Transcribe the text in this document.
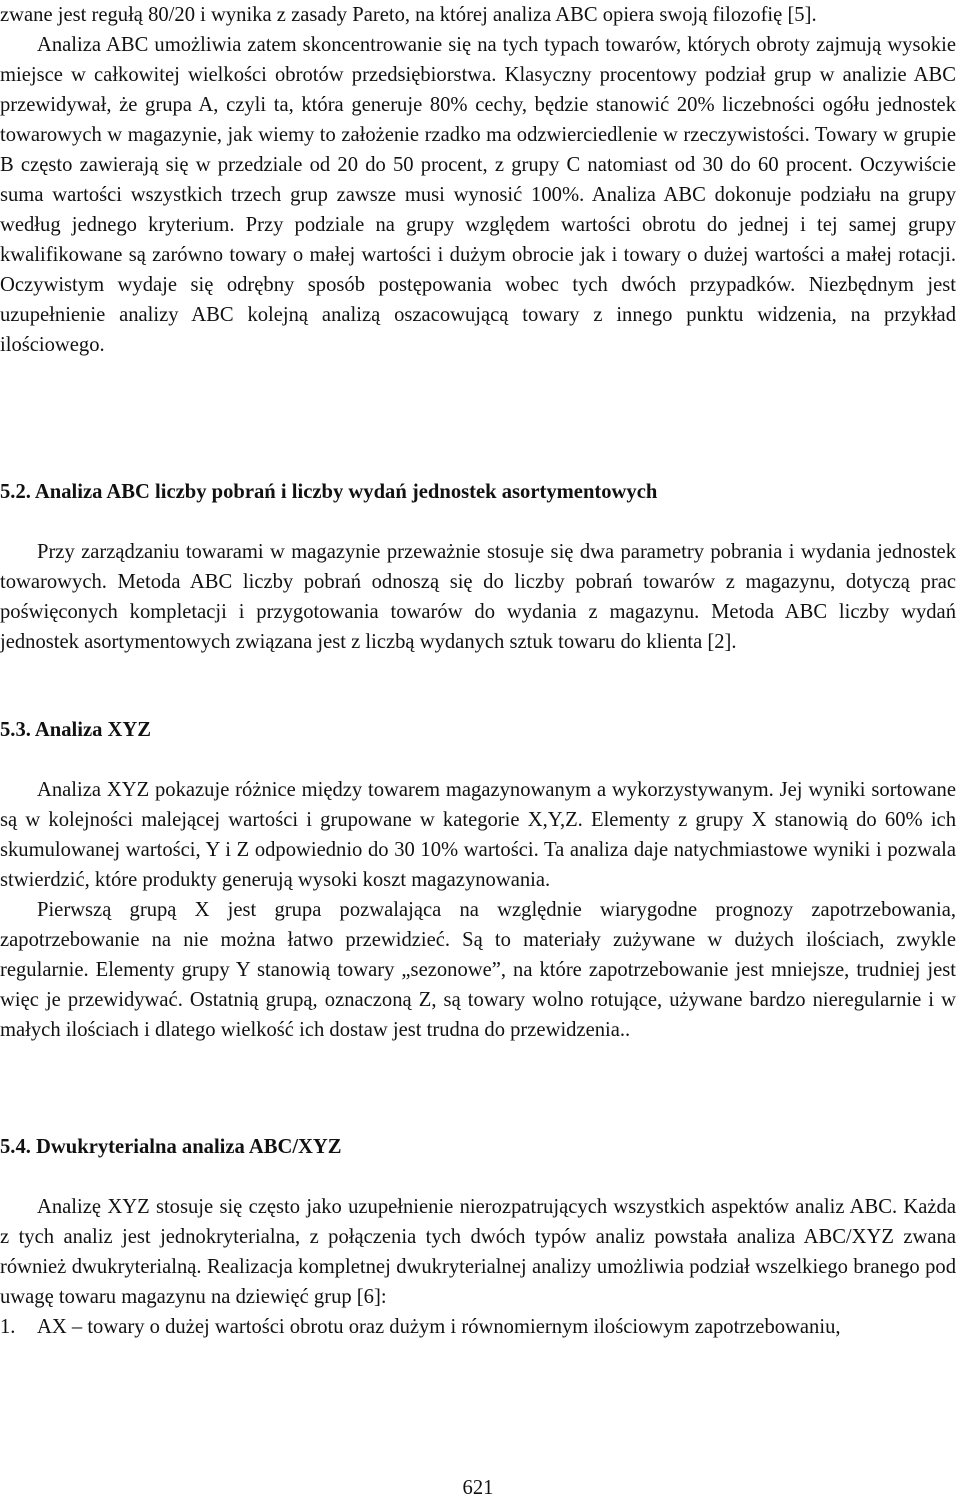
zwane jest regułą 80/20 i wynika z zasady Pareto, na której analiza ABC opiera swoją filozofię [5].

Analiza ABC umożliwia zatem skoncentrowanie się na tych typach towarów, których obroty zajmują wysokie miejsce w całkowitej wielkości obrotów przedsiębiorstwa. Klasyczny procentowy podział grup w analizie ABC przewidywał, że grupa A, czyli ta, która generuje 80% cechy, będzie stanowić 20% liczebności ogółu jednostek towarowych w magazynie, jak wiemy to założenie rzadko ma odzwierciedlenie w rzeczywistości. Towary w grupie B często zawierają się w przedziale od 20 do 50 procent, z grupy C natomiast od 30 do 60 procent. Oczywiście suma wartości wszystkich trzech grup zawsze musi wynosić 100%. Analiza ABC dokonuje podziału na grupy według jednego kryterium. Przy podziale na grupy względem wartości obrotu do jednej i tej samej grupy kwalifikowane są zarówno towary o małej wartości i dużym obrocie jak i towary o dużej wartości a małej rotacji. Oczywistym wydaje się odrębny sposób postępowania wobec tych dwóch przypadków. Niezbędnym jest uzupełnienie analizy ABC kolejną analizą oszacowującą towary z innego punktu widzenia, na przykład ilościowego.

5.2. Analiza ABC liczby pobrań i liczby wydań jednostek asortymentowych

Przy zarządzaniu towarami w magazynie przeważnie stosuje się dwa parametry pobrania i wydania jednostek towarowych. Metoda ABC liczby pobrań odnoszą się do liczby pobrań towarów z magazynu, dotyczą prac poświęconych kompletacji i przygotowania towarów do wydania z magazynu. Metoda ABC liczby wydań jednostek asortymentowych związana jest z liczbą wydanych sztuk towaru do klienta [2].

5.3. Analiza XYZ

Analiza XYZ pokazuje różnice między towarem magazynowanym a wykorzystywanym. Jej wyniki sortowane są w kolejności malejącej wartości i grupowane w kategorie X,Y,Z. Elementy z grupy X stanowią do 60% ich skumulowanej wartości, Y i Z odpowiednio do 30 10% wartości. Ta analiza daje natychmiastowe wyniki i pozwala stwierdzić, które produkty generują wysoki koszt magazynowania.

Pierwszą grupą X jest grupa pozwalająca na względnie wiarygodne prognozy zapotrzebowania, zapotrzebowanie na nie można łatwo przewidzieć. Są to materiały zużywane w dużych ilościach, zwykle regularnie. Elementy grupy Y stanowią towary „sezonowe”, na które zapotrzebowanie jest mniejsze, trudniej jest więc je przewidywać. Ostatnią grupą, oznaczoną Z, są towary wolno rotujące, używane bardzo nieregularnie i w małych ilościach i dlatego wielkość ich dostaw jest trudna do przewidzenia..

5.4. Dwukryterialna analiza ABC/XYZ

Analizę XYZ stosuje się często jako uzupełnienie nierozpatrujących wszystkich aspektów analiz ABC. Każda z tych analiz jest jednokryterialna, z połączenia tych dwóch typów analiz powstała analiza ABC/XYZ zwana również dwukryterialną. Realizacja kompletnej dwukryterialnej analizy umożliwia podział wszelkiego branego pod uwagę towaru magazynu na dziewięć grup [6]:

1.	AX – towary o dużej wartości obrotu oraz dużym i równomiernym ilościowym zapotrzebowaniu,
621
